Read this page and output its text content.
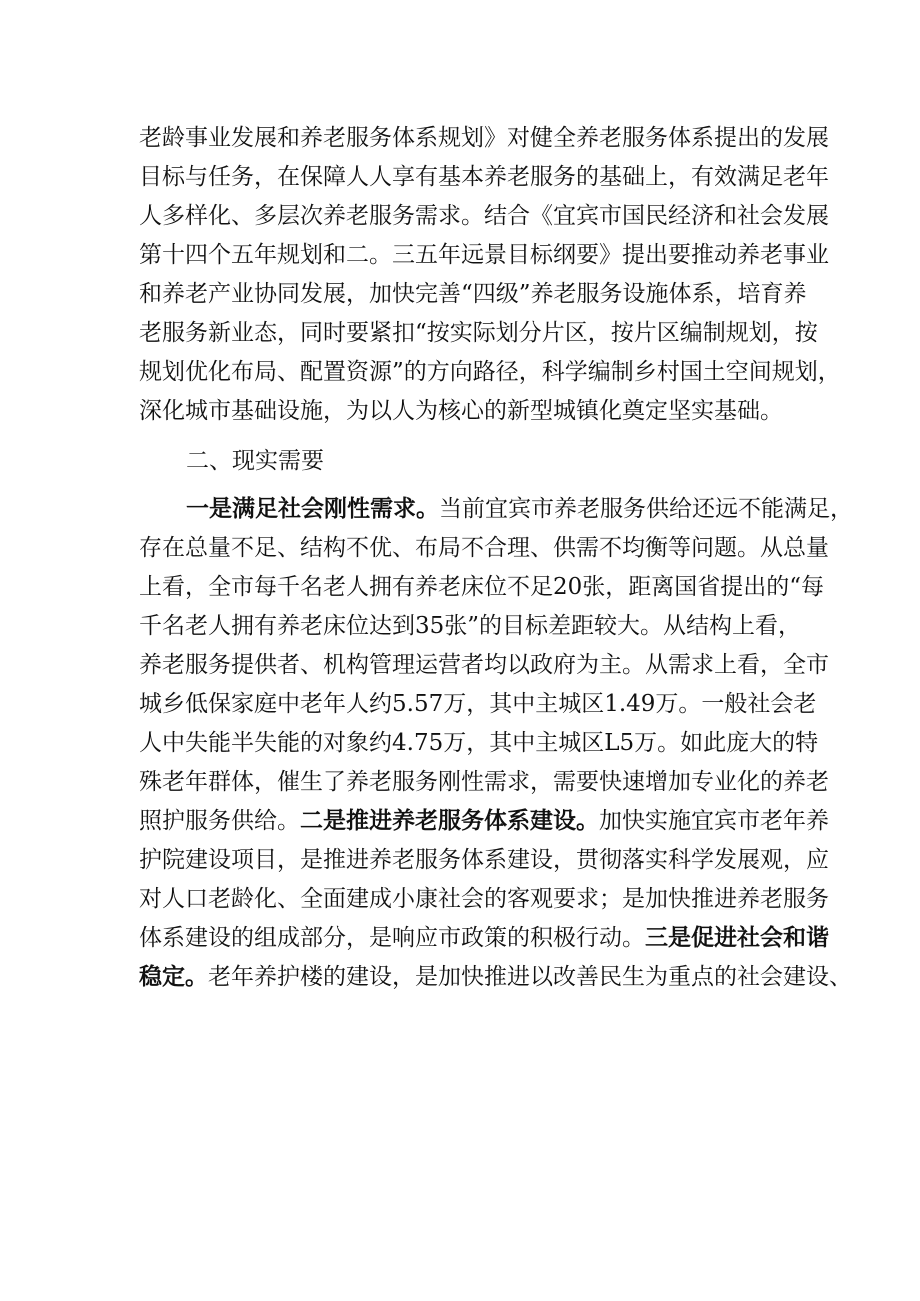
老龄事业发展和养老服务体系规划》对健全养老服务体系提出的发展
目标与任务，在保障人人享有基本养老服务的基础上，有效满足老年
人多样化、多层次养老服务需求。结合《宜宾市国民经济和社会发展
第十四个五年规划和二。三五年远景目标纲要》提出要推动养老事业
和养老产业协同发展，加快完善“四级”养老服务设施体系，培育养
老服务新业态，同时要紧扣“按实际划分片区，按片区编制规划，按
规划优化布局、配置资源”的方向路径，科学编制乡村国土空间规划，
深化城市基础设施，为以人为核心的新型城镇化奠定坚实基础。
二、现实需要
一是满足社会刚性需求。当前宜宾市养老服务供给还远不能满足，
存在总量不足、结构不优、布局不合理、供需不均衡等问题。从总量
上看，全市每千名老人拥有养老床位不足20张，距离国省提出的“每
千名老人拥有养老床位达到35张”的目标差距较大。从结构上看，
养老服务提供者、机构管理运营者均以政府为主。从需求上看，全市
城乡低保家庭中老年人约5.57万，其中主城区1.49万。一般社会老
人中失能半失能的对象约4.75万，其中主城区L5万。如此庞大的特
殊老年群体，催生了养老服务刚性需求，需要快速增加专业化的养老
照护服务供给。二是推进养老服务体系建设。加快实施宜宾市老年养
护院建设项目，是推进养老服务体系建设，贯彻落实科学发展观，应
对人口老龄化、全面建成小康社会的客观要求；是加快推进养老服务
体系建设的组成部分，是响应市政策的积极行动。三是促进社会和谐
稳定。老年养护楼的建设，是加快推进以改善民生为重点的社会建设、
